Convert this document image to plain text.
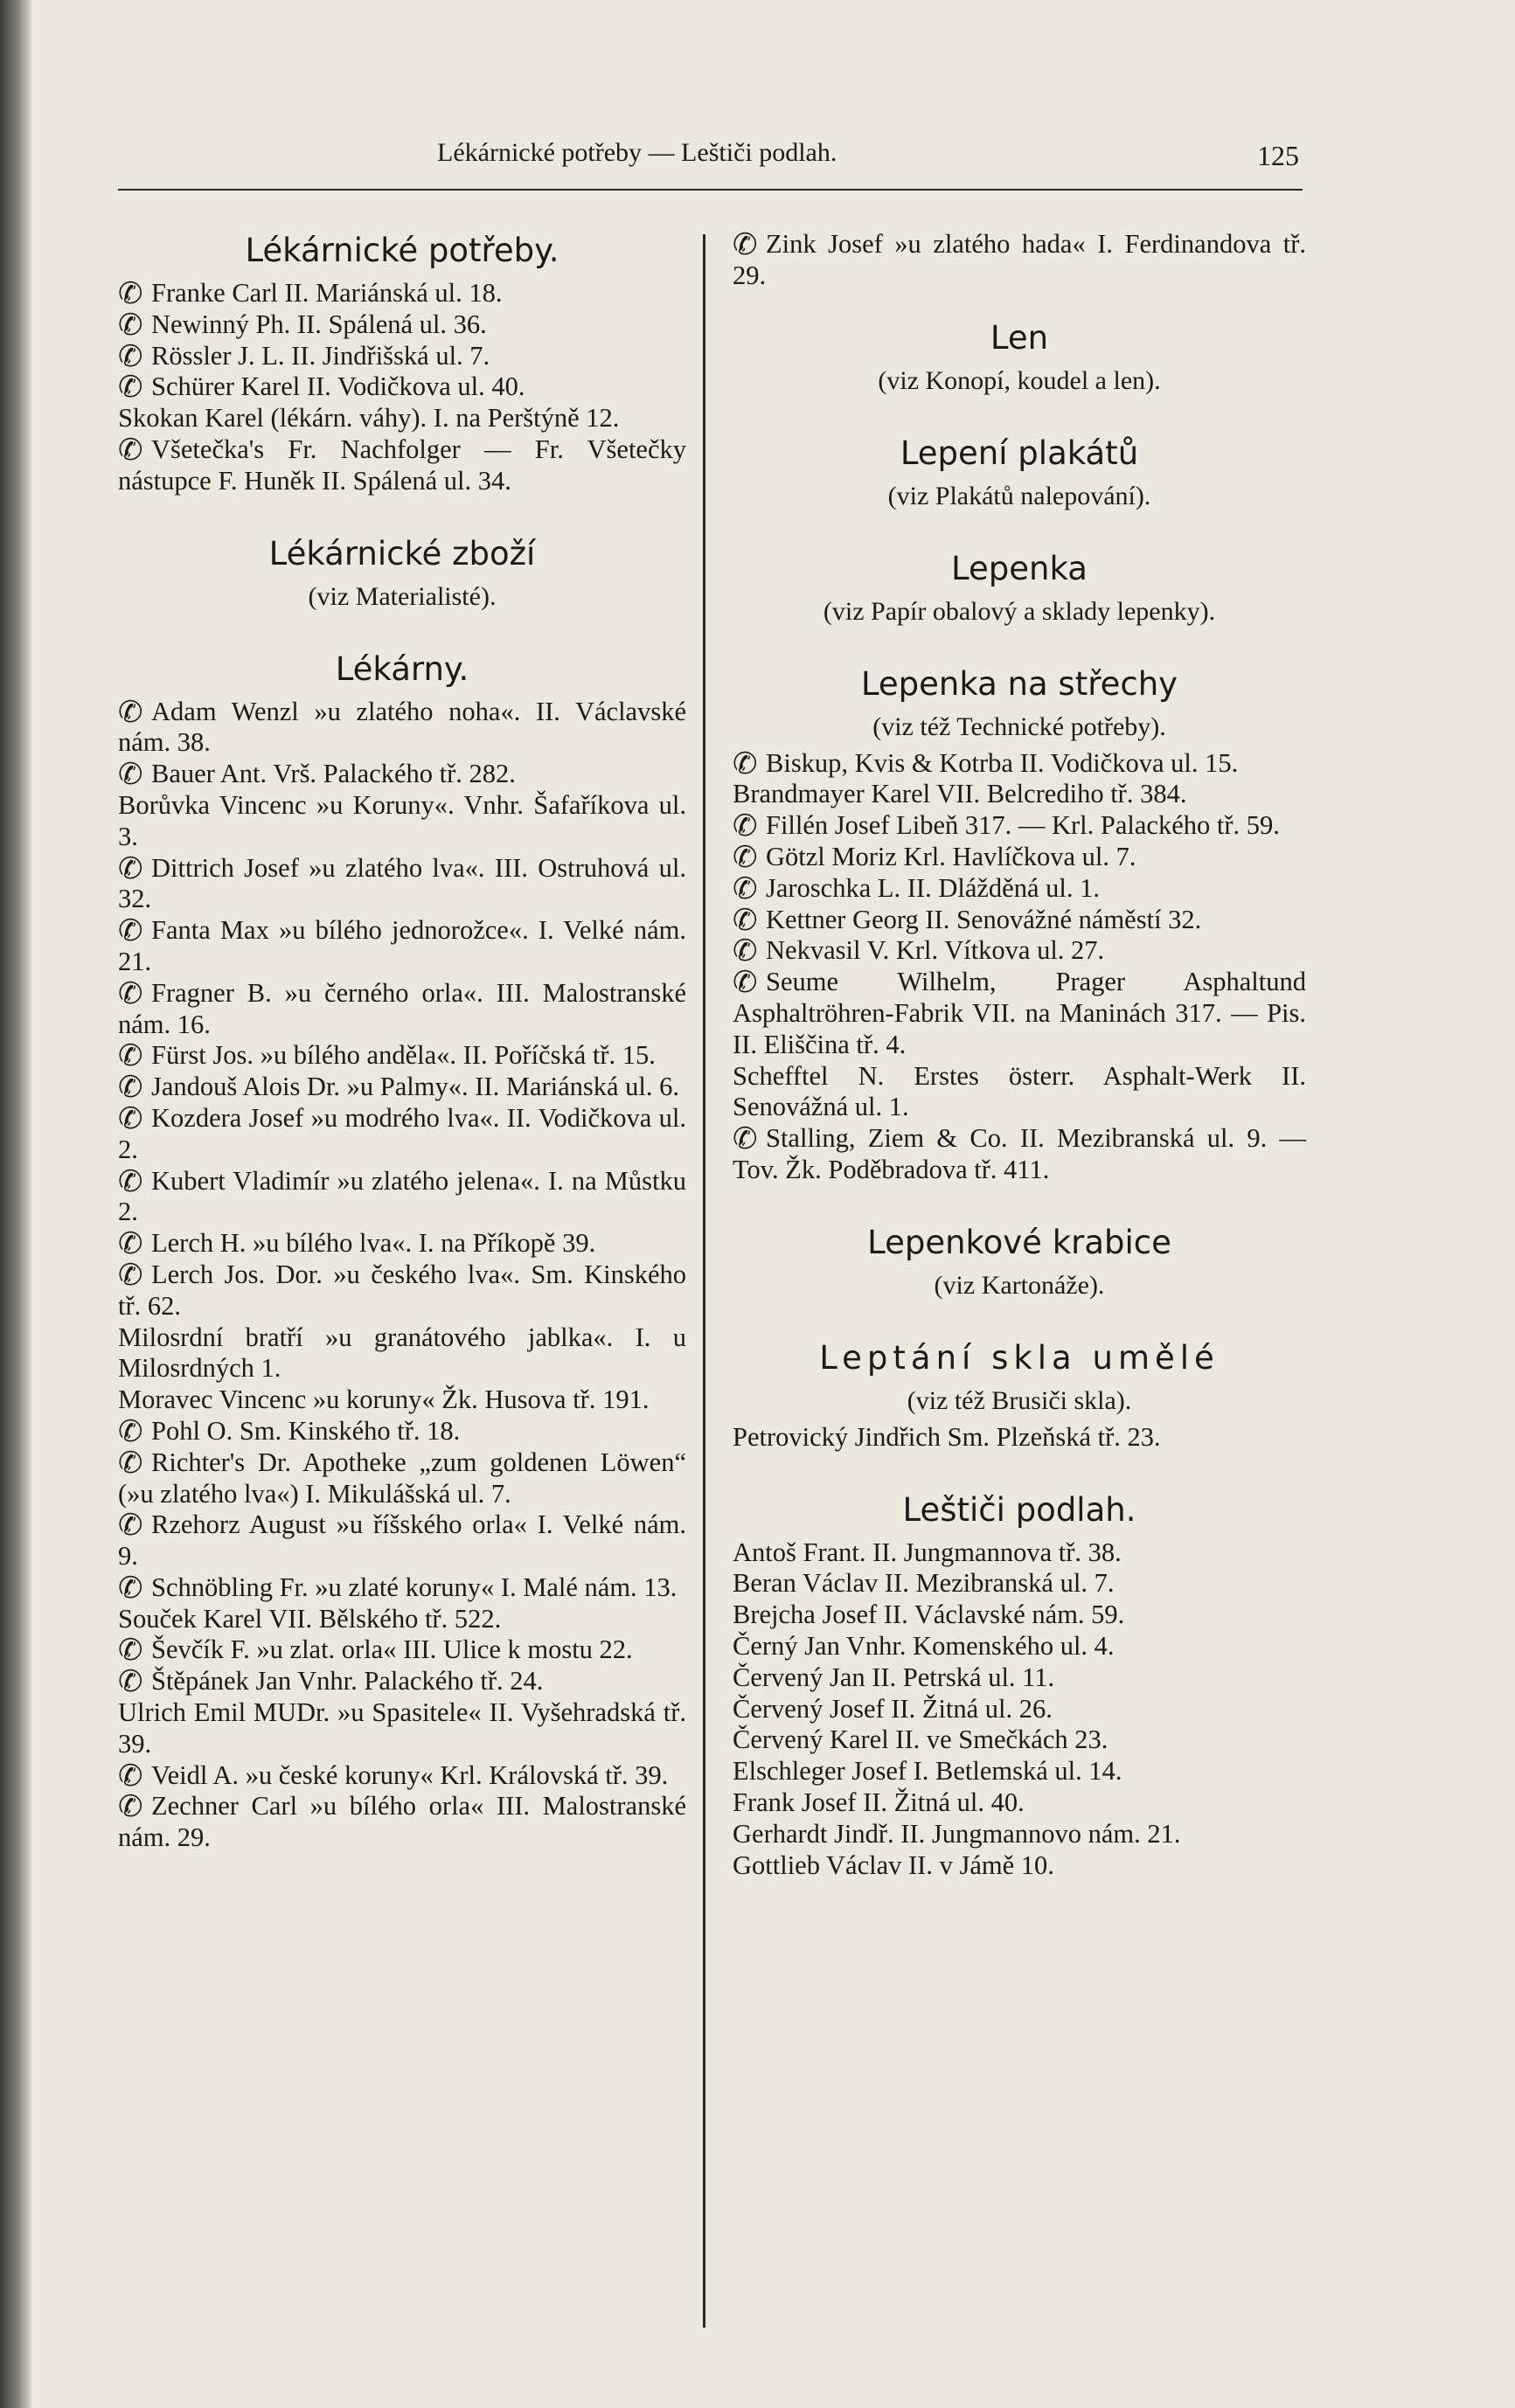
Lékárnické potřeby — Leštiči podlah.	125
Lékárnické potřeby.

✆ Franke Carl II. Mariánská ul. 18.

✆ Newinný Ph. II. Spálená ul. 36.

✆ Rössler J. L. II. Jindřišská ul. 7.

✆ Schürer Karel II. Vodičkova ul. 40.

Skokan Karel (lékárn. váhy). I. na Perštýně 12.

✆ Všetečka's Fr. Nachfolger — Fr. Všetečky nástupce F. Huněk II. Spálená ul. 34.

Lékárnické zboží
(viz Materialisté).
Lékárny.

✆ Adam Wenzl »u zlatého noha«. II. Václavské nám. 38.

✆ Bauer Ant. Vrš. Palackého tř. 282.

Borůvka Vincenc »u Koruny«. Vnhr. Šafaříkova ul. 3.

✆ Dittrich Josef »u zlatého lva«. III. Ostruhová ul. 32.

✆ Fanta Max »u bílého jednorožce«. I. Velké nám. 21.

✆ Fragner B. »u černého orla«. III. Malostranské nám. 16.

✆ Fürst Jos. »u bílého anděla«. II. Poříčská tř. 15.

✆ Jandouš Alois Dr. »u Palmy«. II. Mariánská ul. 6.

✆ Kozdera Josef »u modrého lva«. II. Vodičkova ul. 2.

✆ Kubert Vladimír »u zlatého jelena«. I. na Můstku 2.

✆ Lerch H. »u bílého lva«. I. na Příkopě 39.

✆ Lerch Jos. Dor. »u českého lva«. Sm. Kinského tř. 62.

Milosrdní bratří »u granátového jablka«. I. u Milosrdných 1.

Moravec Vincenc »u koruny« Žk. Husova tř. 191.

✆ Pohl O. Sm. Kinského tř. 18.

✆ Richter's Dr. Apotheke „zum goldenen Löwen“ (»u zlatého lva«) I. Mikulášská ul. 7.

✆ Rzehorz August »u říšského orla« I. Velké nám. 9.

✆ Schnöbling Fr. »u zlaté koruny« I. Malé nám. 13.

Souček Karel VII. Bělského tř. 522.

✆ Ševčík F. »u zlat. orla« III. Ulice k mostu 22.

✆ Štěpánek Jan Vnhr. Palackého tř. 24.

Ulrich Emil MUDr. »u Spasitele« II. Vyšehradská tř. 39.

✆ Veidl A. »u české koruny« Krl. Královská tř. 39.

✆ Zechner Carl »u bílého orla« III. Malostranské nám. 29.

✆ Zink Josef »u zlatého hada« I. Ferdinandova tř. 29.

Len
(viz Konopí, koudel a len).
Lepení plakátů
(viz Plakátů nalepování).
Lepenka
(viz Papír obalový a sklady lepenky).
Lepenka na střechy
(viz též Technické potřeby).

✆ Biskup, Kvis & Kotrba II. Vodičkova ul. 15.

Brandmayer Karel VII. Belcrediho tř. 384.

✆ Fillén Josef Libeň 317. — Krl. Palackého tř. 59.

✆ Götzl Moriz Krl. Havlíčkova ul. 7.

✆ Jaroschka L. II. Dlážděná ul. 1.

✆ Kettner Georg II. Senovážné náměstí 32.

✆ Nekvasil V. Krl. Vítkova ul. 27.

✆ Seume Wilhelm, Prager Asphaltund Asphaltröhren-Fabrik VII. na Maninách 317. — Pis. II. Eliščina tř. 4.

Schefftel N. Erstes österr. Asphalt-Werk II. Senovážná ul. 1.

✆ Stalling, Ziem & Co. II. Mezibranská ul. 9. — Tov. Žk. Poděbradova tř. 411.

Lepenkové krabice
(viz Kartonáže).
Leptání skla umělé
(viz též Brusiči skla).

Petrovický Jindřich Sm. Plzeňská tř. 23.

Leštiči podlah.

Antoš Frant. II. Jungmannova tř. 38.

Beran Václav II. Mezibranská ul. 7.

Brejcha Josef II. Václavské nám. 59.

Černý Jan Vnhr. Komenského ul. 4.

Červený Jan II. Petrská ul. 11.

Červený Josef II. Žitná ul. 26.

Červený Karel II. ve Smečkách 23.

Elschleger Josef I. Betlemská ul. 14.

Frank Josef II. Žitná ul. 40.

Gerhardt Jindř. II. Jungmannovo nám. 21.

Gottlieb Václav II. v Jámě 10.
